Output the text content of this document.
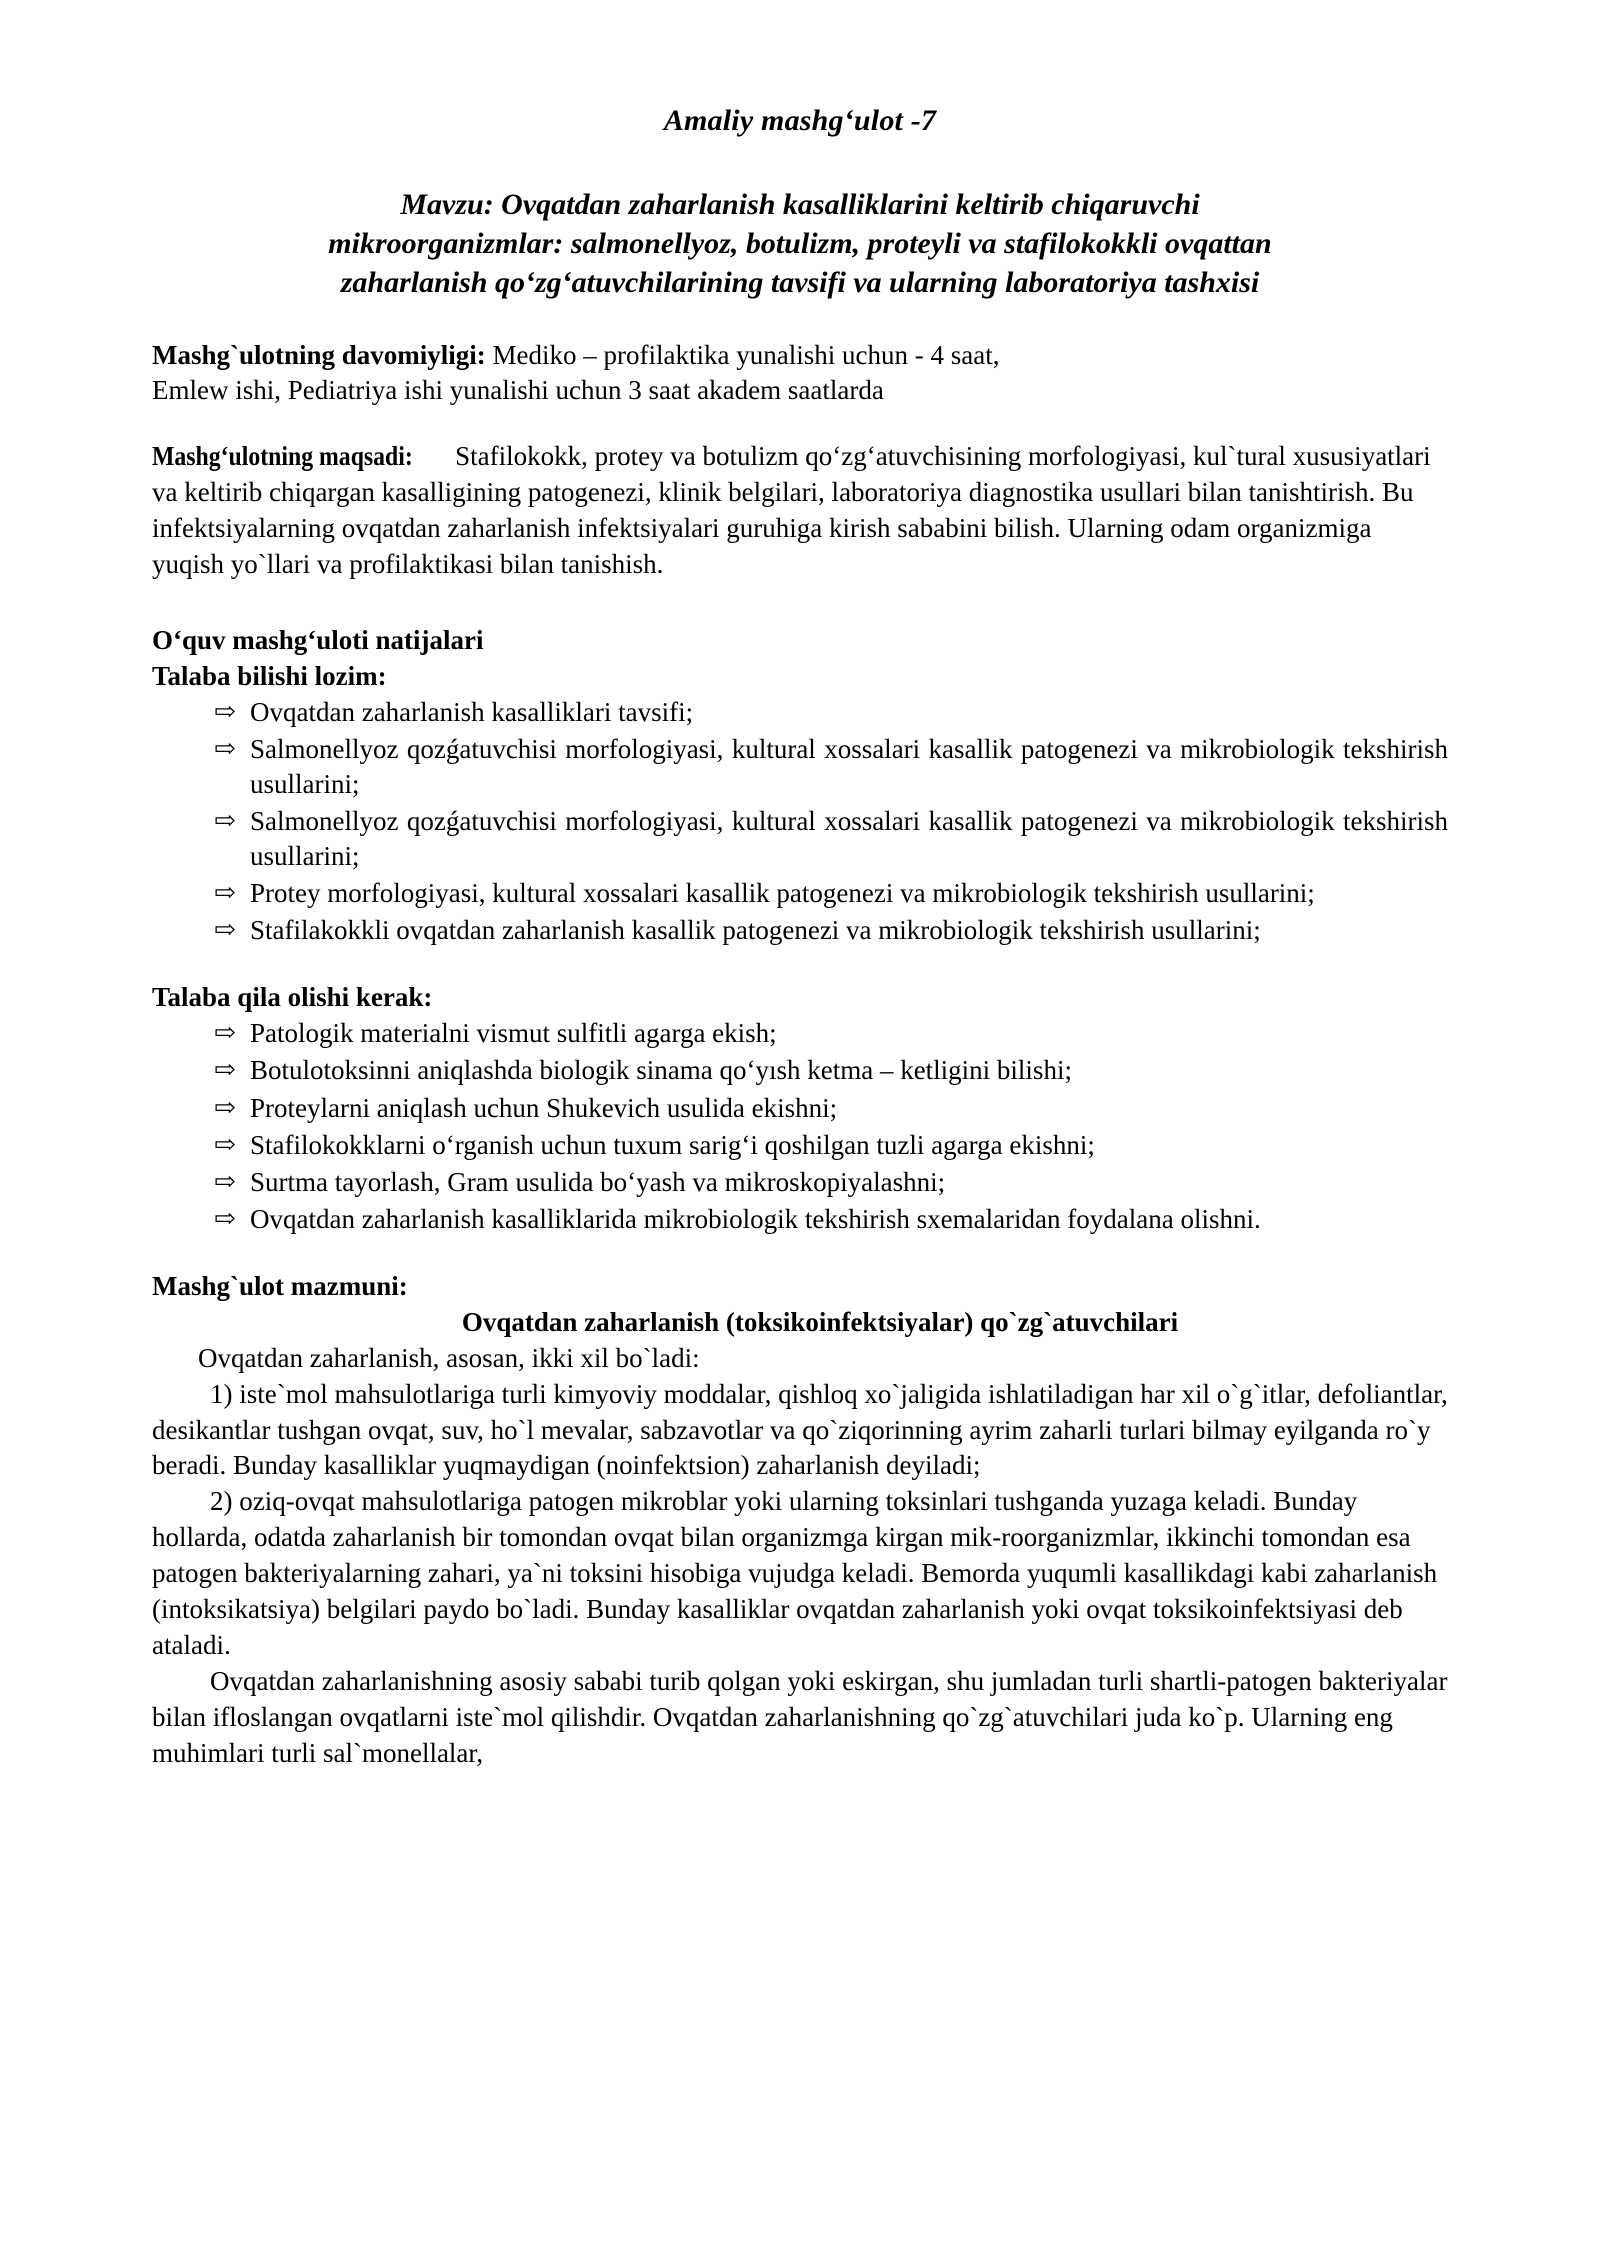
Amaliy mashg‘ulot -7
Mavzu: Ovqatdan zaharlanish kasalliklarini keltirib chiqaruvchi
mikroorganizmlar: salmonellyoz, botulizm, proteyli va stafilokokkli ovqattan
zaharlanish qo‘zg‘atuvchilarining tavsifi va ularning laboratoriya tashxisi

Mashg`ulotning davomiyligi: Mediko – profilaktika yunalishi uchun - 4 saat,
Emlew ishi, Pediatriya ishi yunalishi uchun 3 saat akadem saatlarda

Mashg‘ulotning maqsadi: Stafilokokk, protey va botulizm qo‘zg‘atuvchisining morfologiyasi, kul`tural xususiyatlari va keltirib chiqargan kasalligining patogenezi, klinik belgilari, laboratoriya diagnostika usullari bilan tanishtirish. Bu infektsiyalarning ovqatdan zaharlanish infektsiyalari guruhiga kirish sababini bilish. Ularning odam organizmiga yuqish yo`llari va profilaktikasi bilan tanishish.

O‘quv mashg‘uloti natijalari

Talaba bilishi lozim:

⇨ Ovqatdan zaharlanish kasalliklari tavsifi;
⇨ Salmonellyoz qozǵatuvchisi morfologiyasi, kultural xossalari kasallik patogenezi va mikrobiologik tekshirish usullarini;
⇨ Salmonellyoz qozǵatuvchisi morfologiyasi, kultural xossalari kasallik patogenezi va mikrobiologik tekshirish usullarini;
⇨ Protey morfologiyasi, kultural xossalari kasallik patogenezi va mikrobiologik tekshirish usullarini;
⇨ Stafilakokkli ovqatdan zaharlanish kasallik patogenezi va mikrobiologik tekshirish usullarini;

Talaba qila olishi kerak:

⇨ Patologik materialni vismut sulfitli agarga ekish;
⇨ Botulotoksinni aniqlashda biologik sinama qo‘yısh ketma – ketligini bilishi;
⇨ Proteylarni aniqlash uchun Shukevich usulida ekishni;
⇨ Stafilokokklarni o‘rganish uchun tuxum sarig‘i qoshilgan tuzli agarga ekishni;
⇨ Surtma tayorlash, Gram usulida bo‘yash va mikroskopiyalashni;
⇨ Ovqatdan zaharlanish kasalliklarida mikrobiologik tekshirish sxemalaridan foydalana olishni.

Mashg`ulot mazmuni:

Ovqatdan zaharlanish (toksikoinfektsiyalar) qo`zg`atuvchilari

Ovqatdan zaharlanish, asosan, ikki xil bo`ladi:

1) iste`mol mahsulotlariga turli kimyoviy moddalar, qishloq xo`jaligida ishlatiladigan har xil o`g`itlar, defoliantlar, desikantlar tushgan ovqat, suv, ho`l mevalar, sabzavotlar va qo`ziqorinning ayrim zaharli turlari bilmay eyilganda ro`y beradi. Bunday kasalliklar yuqmaydigan (noinfektsion) zaharlanish deyiladi;

2) oziq-ovqat mahsulotlariga patogen mikroblar yoki ularning toksinlari tushganda yuzaga keladi. Bunday hollarda, odatda zaharlanish bir tomondan ovqat bilan organizmga kirgan mik-roorganizmlar, ikkinchi tomondan esa patogen bakteriyalarning zahari, ya`ni toksini hisobiga vujudga keladi. Bemorda yuqumli kasallikdagi kabi zaharlanish (intoksikatsiya) belgilari paydo bo`ladi. Bunday kasalliklar ovqatdan zaharlanish yoki ovqat toksikoinfektsiyasi deb ataladi.

Ovqatdan zaharlanishning asosiy sababi turib qolgan yoki eskirgan, shu jumladan turli shartli-patogen bakteriyalar bilan ifloslangan ovqatlarni iste`mol qilishdir. Ovqatdan zaharlanishning qo`zg`atuvchilari juda ko`p. Ularning eng muhimlari turli sal`monellalar,
